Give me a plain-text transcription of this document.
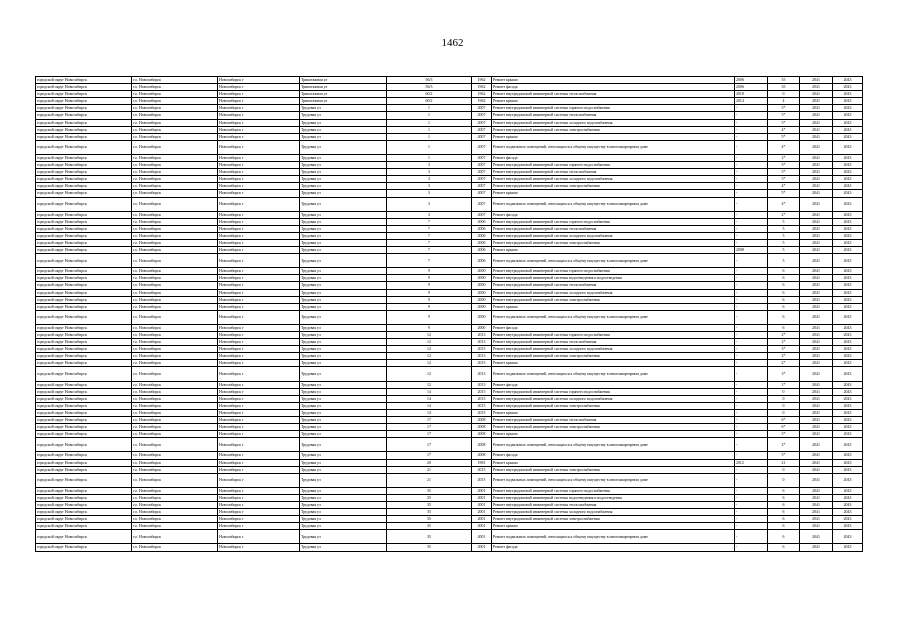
1462
городской округ Новосибирск	г.о. Новосибирск	Новосибирск г	Трикотажная ул	56/3	1962	Ремонт крыши	2006	35	2041	2043
городской округ Новосибирск	г.о. Новосибирск	Новосибирск г	Трикотажная ул	56/3	1962	Ремонт фасада	2006	35	2041	2043
городской округ Новосибирск	г.о. Новосибирск	Новосибирск г	Трикотажная ул	60/2	1962	Ремонт внутридомовой инженерной системы теплоснабжения	2018	0	2041	2043
городской округ Новосибирск	г.о. Новосибирск	Новосибирск г	Трикотажная ул	60/2	1962	Ремонт крыши	2014	4	2041	2043
городской округ Новосибирск	г.о. Новосибирск	Новосибирск г	Трудовая ул	1	2007	Ремонт внутридомовой инженерной системы горячего водоснабжения	-	5*	2041	2043
городской округ Новосибирск	г.о. Новосибирск	Новосибирск г	Трудовая ул	1	2007	Ремонт внутридомовой инженерной системы теплоснабжения	-	5*	2041	2043
городской округ Новосибирск	г.о. Новосибирск	Новосибирск г	Трудовая ул	1	2007	Ремонт внутридомовой инженерной системы холодного водоснабжения	-	5*	2041	2043
городской округ Новосибирск	г.о. Новосибирск	Новосибирск г	Трудовая ул	1	2007	Ремонт внутридомовой инженерной системы электроснабжения	-	4*	2041	2043
городской округ Новосибирск	г.о. Новосибирск	Новосибирск г	Трудовая ул	1	2007	Ремонт крыши	-	5*	2041	2043
городской округ Новосибирск	г.о. Новосибирск	Новосибирск г	Трудовая ул	1	2007	Ремонт подвальных помещений, относящихся к общему имуществу в многоквартирном доме	-	4*	2041	2043
городской округ Новосибирск	г.о. Новосибирск	Новосибирск г	Трудовая ул	1	2007	Ремонт фасада	-	2*	2041	2043
городской округ Новосибирск	г.о. Новосибирск	Новосибирск г	Трудовая ул	3	2007	Ремонт внутридомовой инженерной системы горячего водоснабжения	-	5*	2041	2043
городской округ Новосибирск	г.о. Новосибирск	Новосибирск г	Трудовая ул	3	2007	Ремонт внутридомовой инженерной системы теплоснабжения	-	5*	2041	2043
городской округ Новосибирск	г.о. Новосибирск	Новосибирск г	Трудовая ул	3	2007	Ремонт внутридомовой инженерной системы холодного водоснабжения	-	5*	2041	2043
городской округ Новосибирск	г.о. Новосибирск	Новосибирск г	Трудовая ул	3	2007	Ремонт внутридомовой инженерной системы электроснабжения	-	4*	2041	2043
городской округ Новосибирск	г.о. Новосибирск	Новосибирск г	Трудовая ул	3	2007	Ремонт крыши	-	5*	2041	2043
городской округ Новосибирск	г.о. Новосибирск	Новосибирск г	Трудовая ул	3	2007	Ремонт подвальных помещений, относящихся к общему имуществу в многоквартирном доме	-	4*	2041	2043
городской округ Новосибирск	г.о. Новосибирск	Новосибирск г	Трудовая ул	3	2007	Ремонт фасада	-	2*	2041	2043
городской округ Новосибирск	г.о. Новосибирск	Новосибирск г	Трудовая ул	7	2006	Ремонт внутридомовой инженерной системы горячего водоснабжения	-	5	2041	2043
городской округ Новосибирск	г.о. Новосибирск	Новосибирск г	Трудовая ул	7	2006	Ремонт внутридомовой инженерной системы теплоснабжения	-	5	2041	2043
городской округ Новосибирск	г.о. Новосибирск	Новосибирск г	Трудовая ул	7	2006	Ремонт внутридомовой инженерной системы холодного водоснабжения	-	5	2041	2043
городской округ Новосибирск	г.о. Новосибирск	Новосибирск г	Трудовая ул	7	2006	Ремонт внутридомовой инженерной системы электроснабжения	-	5	2041	2043
городской округ Новосибирск	г.о. Новосибирск	Новосибирск г	Трудовая ул	7	2006	Ремонт крыши	2008	5	2041	2043
городской округ Новосибирск	г.о. Новосибирск	Новосибирск г	Трудовая ул	7	2006	Ремонт подвальных помещений, относящихся к общему имуществу в многоквартирном доме	-	5	2041	2043
городской округ Новосибирск	г.о. Новосибирск	Новосибирск г	Трудовая ул	9	2000	Ремонт внутридомовой инженерной системы горячего водоснабжения	-	6	2041	2043
городской округ Новосибирск	г.о. Новосибирск	Новосибирск г	Трудовая ул	9	2000	Ремонт внутридомовой инженерной системы водоотведения и водоотведения	-	6	2041	2043
городской округ Новосибирск	г.о. Новосибирск	Новосибирск г	Трудовая ул	9	2000	Ремонт внутридомовой инженерной системы теплоснабжения	-	6	2041	2043
городской округ Новосибирск	г.о. Новосибирск	Новосибирск г	Трудовая ул	9	2000	Ремонт внутридомовой инженерной системы холодного водоснабжения	-	6	2041	2043
городской округ Новосибирск	г.о. Новосибирск	Новосибирск г	Трудовая ул	9	2000	Ремонт внутридомовой инженерной системы электроснабжения	-	6	2041	2043
городской округ Новосибирск	г.о. Новосибирск	Новосибирск г	Трудовая ул	9	2000	Ремонт крыши	-	6	2041	2043
городской округ Новосибирск	г.о. Новосибирск	Новосибирск г	Трудовая ул	9	2000	Ремонт подвальных помещений, относящихся к общему имуществу в многоквартирном доме	-	6	2041	2043
городской округ Новосибирск	г.о. Новосибирск	Новосибирск г	Трудовая ул	9	2000	Ремонт фасада	-	6	2041	2043
городской округ Новосибирск	г.о. Новосибирск	Новосибирск г	Трудовая ул	12	2013	Ремонт внутридомовой инженерной системы горячего водоснабжения	-	2*	2041	2043
городской округ Новосибирск	г.о. Новосибирск	Новосибирск г	Трудовая ул	12	2013	Ремонт внутридомовой инженерной системы теплоснабжения	-	2*	2041	2043
городской округ Новосибирск	г.о. Новосибирск	Новосибирск г	Трудовая ул	12	2013	Ремонт внутридомовой инженерной системы холодного водоснабжения	-	3*	2041	2043
городской округ Новосибирск	г.о. Новосибирск	Новосибирск г	Трудовая ул	12	2013	Ремонт внутридомовой инженерной системы электроснабжения	-	2*	2041	2043
городской округ Новосибирск	г.о. Новосибирск	Новосибирск г	Трудовая ул	12	2013	Ремонт крыши	-	2*	2041	2043
городской округ Новосибирск	г.о. Новосибирск	Новосибирск г	Трудовая ул	12	2013	Ремонт подвальных помещений, относящихся к общему имуществу в многоквартирном доме	-	3*	2041	2043
городской округ Новосибирск	г.о. Новосибирск	Новосибирск г	Трудовая ул	12	2013	Ремонт фасада	-	1*	2041	2043
городской округ Новосибирск	г.о. Новосибирск	Новосибирск г	Трудовая ул	14	2015	Ремонт внутридомовой инженерной системы горячего водоснабжения	-	0	2041	2043
городской округ Новосибирск	г.о. Новосибирск	Новосибирск г	Трудовая ул	14	2015	Ремонт внутридомовой инженерной системы холодного водоснабжения	-	0	2041	2043
городской округ Новосибирск	г.о. Новосибирск	Новосибирск г	Трудовая ул	14	2015	Ремонт внутридомовой инженерной системы электроснабжения	-	0	2041	2043
городской округ Новосибирск	г.о. Новосибирск	Новосибирск г	Трудовая ул	14	2015	Ремонт крыши	-	0	2041	2043
городской округ Новосибирск	г.о. Новосибирск	Новосибирск г	Трудовая ул	17	2008	Ремонт внутридомовой инженерной системы теплоснабжения	-	6*	2041	2043
городской округ Новосибирск	г.о. Новосибирск	Новосибирск г	Трудовая ул	17	2008	Ремонт внутридомовой инженерной системы электроснабжения	-	6*	2041	2043
городской округ Новосибирск	г.о. Новосибирск	Новосибирск г	Трудовая ул	17	2008	Ремонт крыши	-	5*	2041	2043
городской округ Новосибирск	г.о. Новосибирск	Новосибирск г	Трудовая ул	17	2008	Ремонт подвальных помещений, относящихся к общему имуществу в многоквартирном доме	-	2*	2041	2043
городской округ Новосибирск	г.о. Новосибирск	Новосибирск г	Трудовая ул	17	2008	Ремонт фасада	-	5*	2041	2043
городской округ Новосибирск	г.о. Новосибирск	Новосибирск г	Трудовая ул	20	1981	Ремонт крыши	2012	21	2041	2043
городской округ Новосибирск	г.о. Новосибирск	Новосибирск г	Трудовая ул	21	2015	Ремонт внутридомовой инженерной системы электроснабжения	-	0	2041	2043
городской округ Новосибирск	г.о. Новосибирск	Новосибирск г	Трудовая ул	21	2015	Ремонт подвальных помещений, относящихся к общему имуществу в многоквартирном доме	-	0	2041	2043
городской округ Новосибирск	г.о. Новосибирск	Новосибирск г	Трудовая ул	35	2001	Ремонт внутридомовой инженерной системы горячего водоснабжения	-	6	2041	2043
городской округ Новосибирск	г.о. Новосибирск	Новосибирск г	Трудовая ул	35	2001	Ремонт внутридомовой инженерной системы водоотведения и водоотведения	-	6	2041	2043
городской округ Новосибирск	г.о. Новосибирск	Новосибирск г	Трудовая ул	35	2001	Ремонт внутридомовой инженерной системы теплоснабжения	-	6	2041	2043
городской округ Новосибирск	г.о. Новосибирск	Новосибирск г	Трудовая ул	35	2001	Ремонт внутридомовой инженерной системы холодного водоснабжения	-	6	2041	2043
городской округ Новосибирск	г.о. Новосибирск	Новосибирск г	Трудовая ул	35	2001	Ремонт внутридомовой инженерной системы электроснабжения	-	6	2041	2043
городской округ Новосибирск	г.о. Новосибирск	Новосибирск г	Трудовая ул	35	2001	Ремонт крыши	-	6	2041	2043
городской округ Новосибирск	г.о. Новосибирск	Новосибирск г	Трудовая ул	35	2001	Ремонт подвальных помещений, относящихся к общему имуществу в многоквартирном доме	-	6	2041	2043
городской округ Новосибирск	г.о. Новосибирск	Новосибирск г	Трудовая ул	35	2001	Ремонт фасада	-	6	2041	2043
